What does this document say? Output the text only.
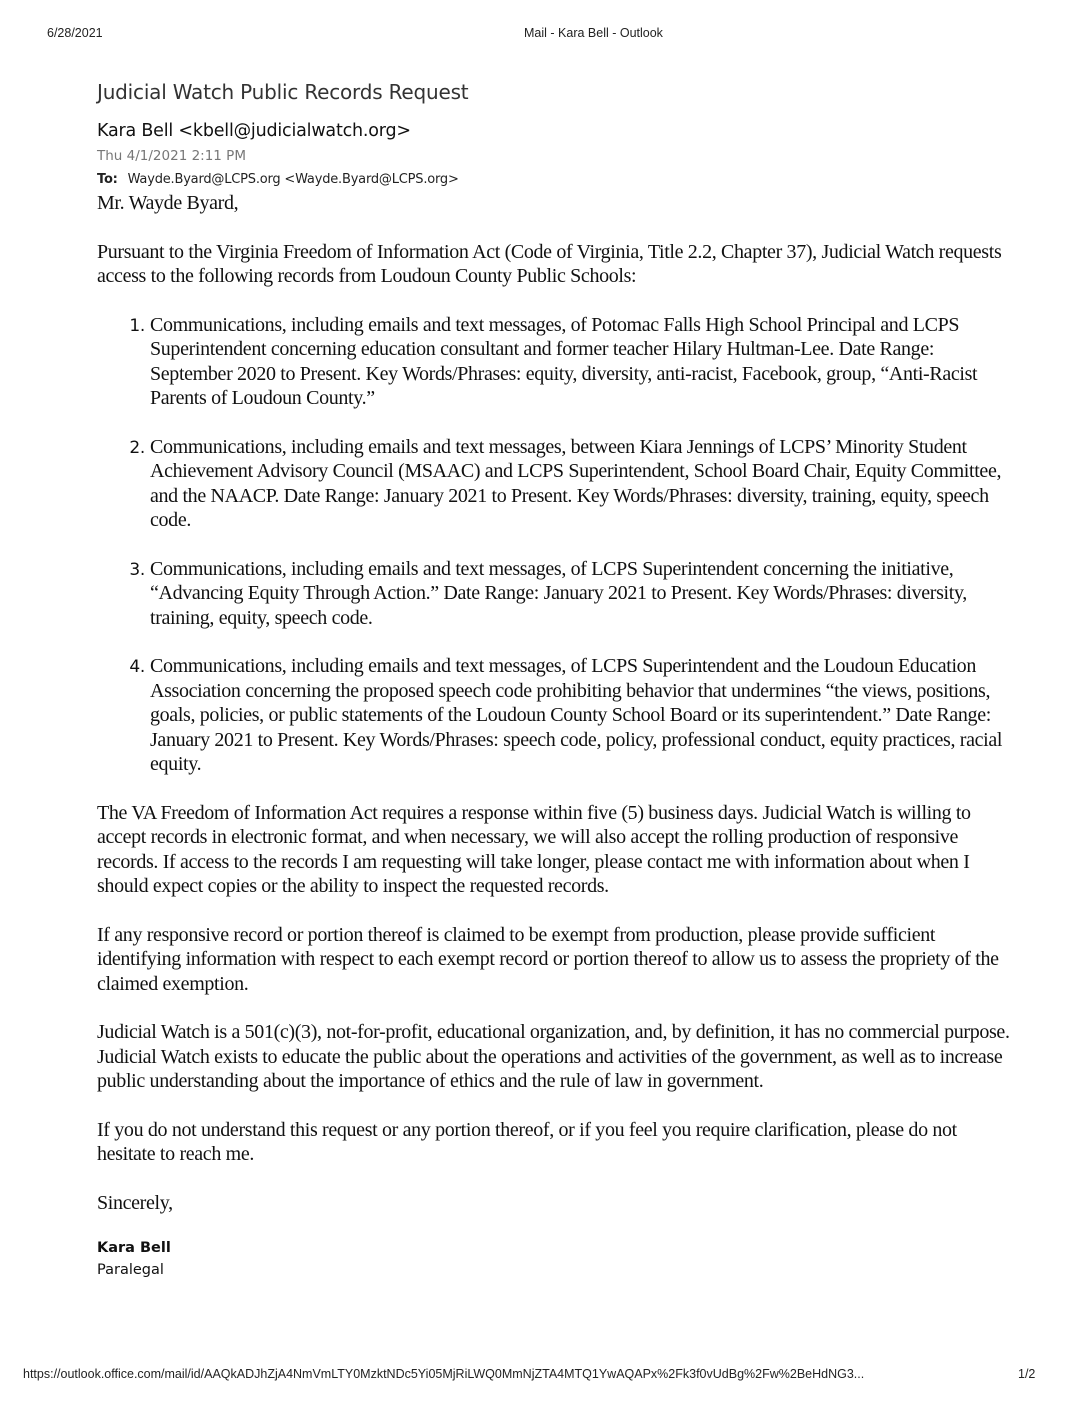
6/28/2021	Mail - Kara Bell - Outlook
Judicial Watch Public Records Request
Kara Bell <kbell@judicialwatch.org>
Thu 4/1/2021 2:11 PM
To: Wayde.Byard@LCPS.org <Wayde.Byard@LCPS.org>
Mr. Wayde Byard,
Pursuant to the Virginia Freedom of Information Act (Code of Virginia, Title 2.2, Chapter 37), Judicial Watch requests access to the following records from Loudoun County Public Schools:
1. Communications, including emails and text messages, of Potomac Falls High School Principal and LCPS Superintendent concerning education consultant and former teacher Hilary Hultman-Lee. Date Range: September 2020 to Present. Key Words/Phrases: equity, diversity, anti-racist, Facebook, group, “Anti-Racist Parents of Loudoun County.”
2. Communications, including emails and text messages, between Kiara Jennings of LCPS’ Minority Student Achievement Advisory Council (MSAAC) and LCPS Superintendent, School Board Chair, Equity Committee, and the NAACP. Date Range: January 2021 to Present. Key Words/Phrases: diversity, training, equity, speech code.
3. Communications, including emails and text messages, of LCPS Superintendent concerning the initiative, “Advancing Equity Through Action.” Date Range: January 2021 to Present. Key Words/Phrases: diversity, training, equity, speech code.
4. Communications, including emails and text messages, of LCPS Superintendent and the Loudoun Education Association concerning the proposed speech code prohibiting behavior that undermines “the views, positions, goals, policies, or public statements of the Loudoun County School Board or its superintendent.” Date Range: January 2021 to Present. Key Words/Phrases: speech code, policy, professional conduct, equity practices, racial equity.
The VA Freedom of Information Act requires a response within five (5) business days. Judicial Watch is willing to accept records in electronic format, and when necessary, we will also accept the rolling production of responsive records. If access to the records I am requesting will take longer, please contact me with information about when I should expect copies or the ability to inspect the requested records.
If any responsive record or portion thereof is claimed to be exempt from production, please provide sufficient identifying information with respect to each exempt record or portion thereof to allow us to assess the propriety of the claimed exemption.
Judicial Watch is a 501(c)(3), not-for-profit, educational organization, and, by definition, it has no commercial purpose. Judicial Watch exists to educate the public about the operations and activities of the government, as well as to increase public understanding about the importance of ethics and the rule of law in government.
If you do not understand this request or any portion thereof, or if you feel you require clarification, please do not hesitate to reach me.
Sincerely,
Kara Bell
Paralegal
https://outlook.office.com/mail/id/AAQkADJhZjA4NmVmLTY0MzktNDc5Yi05MjRiLWQ0MmNjZTA4MTQ1YwAQAPx%2Fk3f0vUdBg%2Fw%2BeHdNG3...	1/2
